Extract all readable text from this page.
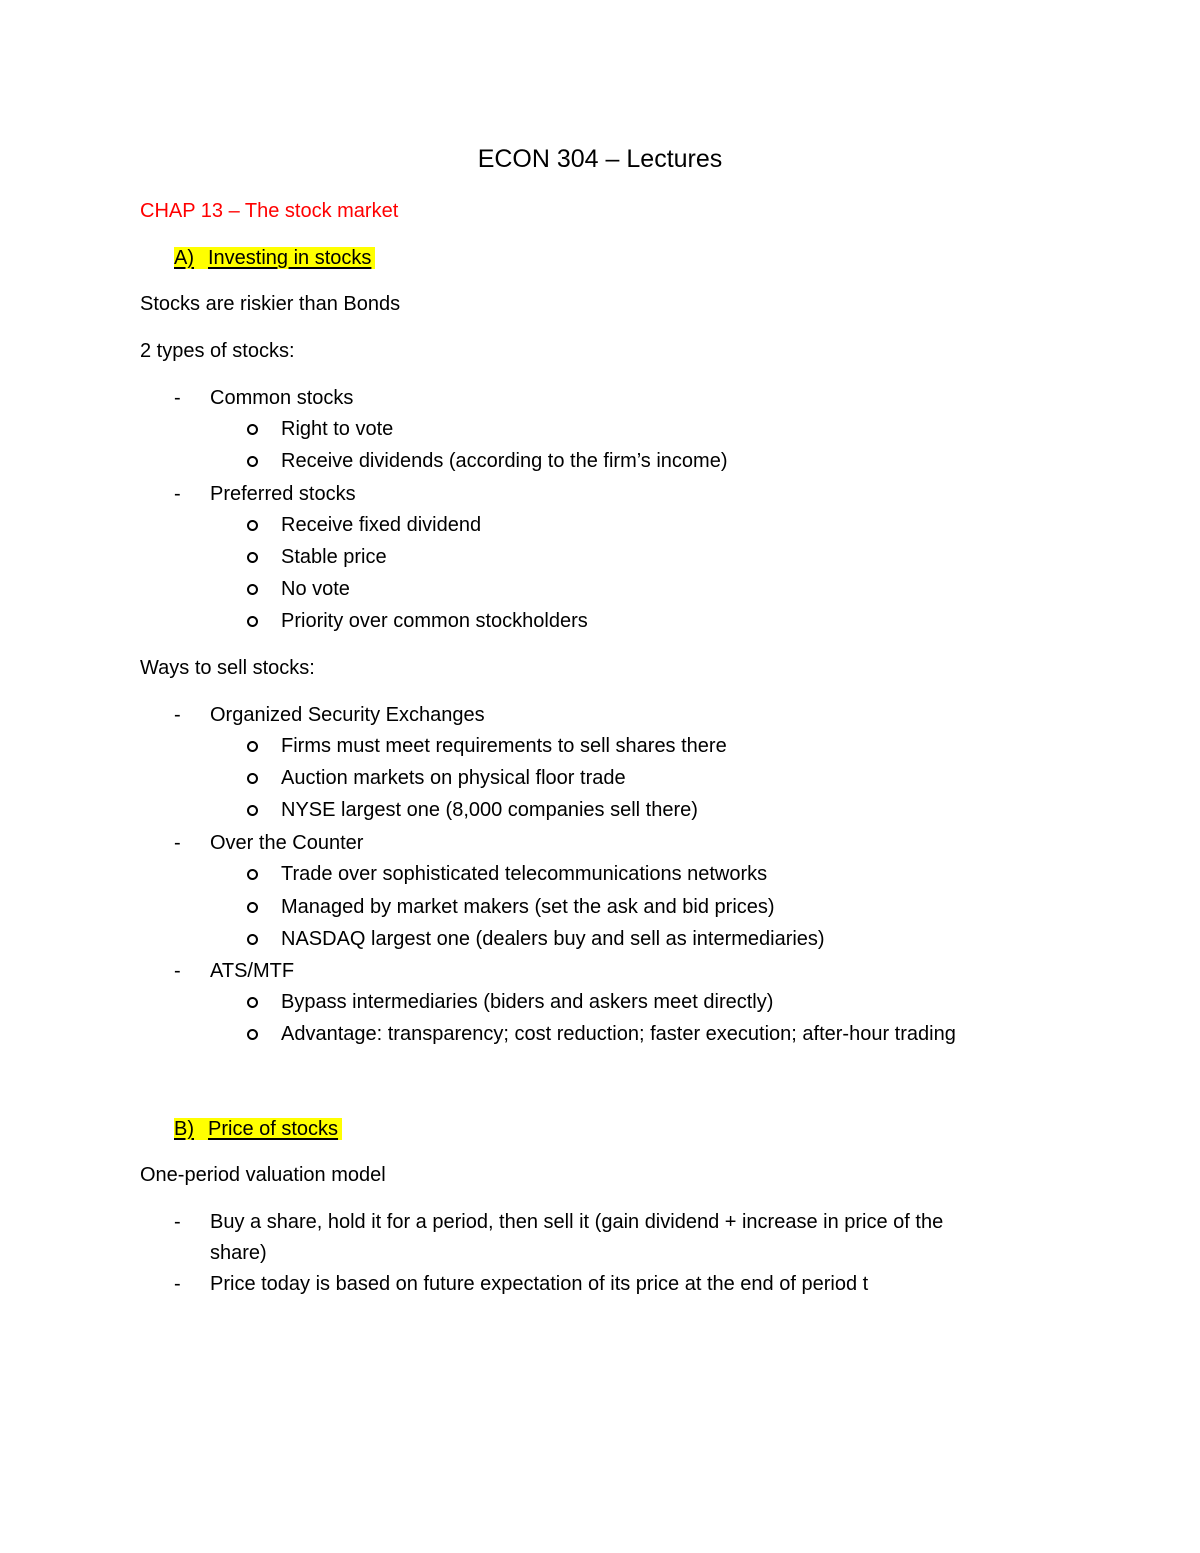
ECON 304 – Lectures
CHAP 13 – The stock market
A) Investing in stocks
Stocks are riskier than Bonds
2 types of stocks:
-	Common stocks
Right to vote
Receive dividends (according to the firm’s income)
-	Preferred stocks
Receive fixed dividend
Stable price
No vote
Priority over common stockholders
Ways to sell stocks:
-	Organized Security Exchanges
Firms must meet requirements to sell shares there
Auction markets on physical floor trade
NYSE largest one (8,000 companies sell there)
-	Over the Counter
Trade over sophisticated telecommunications networks
Managed by market makers (set the ask and bid prices)
NASDAQ largest one (dealers buy and sell as intermediaries)
-	ATS/MTF
Bypass intermediaries (biders and askers meet directly)
Advantage: transparency; cost reduction; faster execution; after-hour trading
B) Price of stocks
One-period valuation model
-	Buy a share, hold it for a period, then sell it (gain dividend + increase in price of the
share)
-	Price today is based on future expectation of its price at the end of period t
